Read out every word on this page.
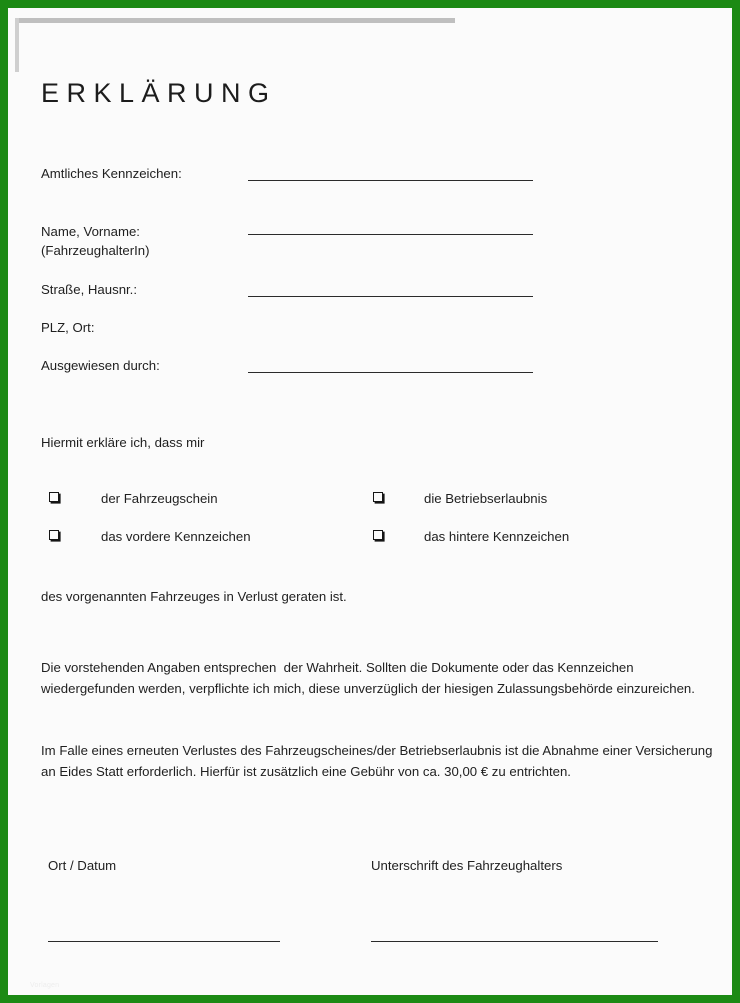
ERKLÄRUNG
Amtliches Kennzeichen:
Name, Vorname:
(FahrzeughalterIn)
Straße, Hausnr.:
PLZ, Ort:
Ausgewiesen durch:
Hiermit erkläre ich, dass mir
der Fahrzeugschein	die Betriebserlaubnis
das vordere Kennzeichen	das hintere Kennzeichen
des vorgenannten Fahrzeuges in Verlust geraten ist.
Die vorstehenden Angaben entsprechen  der Wahrheit. Sollten die Dokumente oder das Kennzeichen wiedergefunden werden, verpflichte ich mich, diese unverzüglich der hiesigen Zulassungsbehörde einzureichen.
Im Falle eines erneuten Verlustes des Fahrzeugscheines/der Betriebserlaubnis ist die Abnahme einer Versicherung an Eides Statt erforderlich. Hierfür ist zusätzlich eine Gebühr von ca. 30,00 € zu entrichten.
Ort / Datum	Unterschrift des Fahrzeughalters
Vorlagen
